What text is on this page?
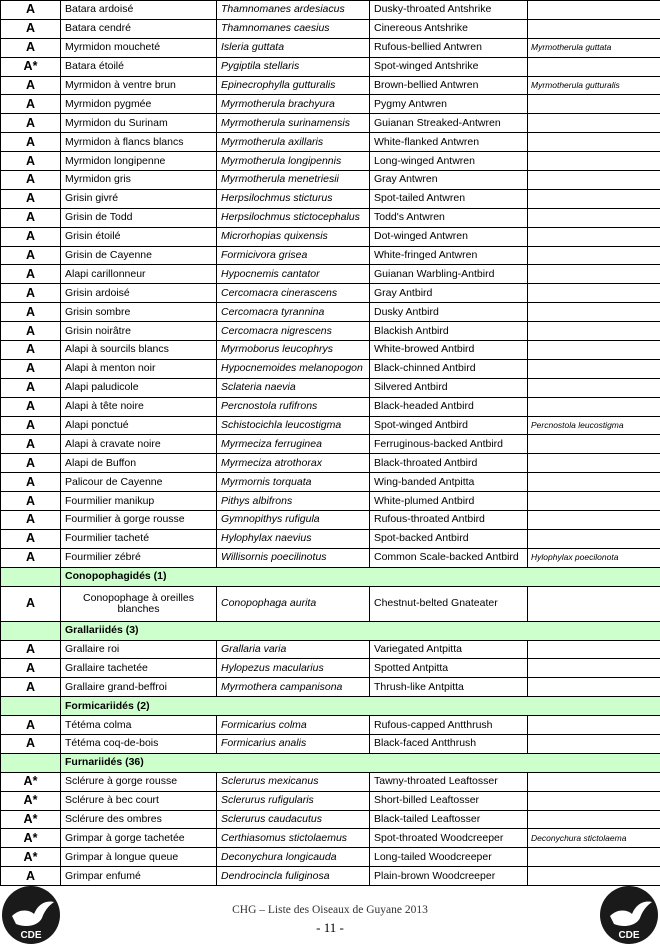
A	Batara ardoisé	Thamnomanes ardesiacus	Dusky-throated Antshrike	
A	Batara cendré	Thamnomanes caesius	Cinereous Antshrike	
A	Myrmidon moucheté	Isleria guttata	Rufous-bellied Antwren	Myrmotherula guttata
A*	Batara étoilé	Pygiptila stellaris	Spot-winged Antshrike	
A	Myrmidon à ventre brun	Epinecrophylla gutturalis	Brown-bellied Antwren	Myrmotherula gutturalis
A	Myrmidon pygmée	Myrmotherula brachyura	Pygmy Antwren	
A	Myrmidon du Surinam	Myrmotherula surinamensis	Guianan Streaked-Antwren	
A	Myrmidon à flancs blancs	Myrmotherula axillaris	White-flanked Antwren	
A	Myrmidon longipenne	Myrmotherula longipennis	Long-winged Antwren	
A	Myrmidon gris	Myrmotherula menetriesii	Gray Antwren	
A	Grisin givré	Herpsilochmus sticturus	Spot-tailed Antwren	
A	Grisin de Todd	Herpsilochmus stictocephalus	Todd's Antwren	
A	Grisin étoilé	Microrhopias quixensis	Dot-winged Antwren	
A	Grisin de Cayenne	Formicivora grisea	White-fringed Antwren	
A	Alapi carillonneur	Hypocnemis cantator	Guianan Warbling-Antbird	
A	Grisin ardoisé	Cercomacra cinerascens	Gray Antbird	
A	Grisin sombre	Cercomacra tyrannina	Dusky Antbird	
A	Grisin noirâtre	Cercomacra nigrescens	Blackish Antbird	
A	Alapi à sourcils blancs	Myrmoborus leucophrys	White-browed Antbird	
A	Alapi à menton noir	Hypocnemoides melanopogon	Black-chinned Antbird	
A	Alapi paludicole	Sclateria naevia	Silvered Antbird	
A	Alapi à tête noire	Percnostola rufifrons	Black-headed Antbird	
A	Alapi ponctué	Schistocichla leucostigma	Spot-winged Antbird	Percnostola leucostigma
A	Alapi à cravate noire	Myrmeciza ferruginea	Ferruginous-backed Antbird	
A	Alapi de Buffon	Myrmeciza atrothorax	Black-throated Antbird	
A	Palicour de Cayenne	Myrmornis torquata	Wing-banded Antpitta	
A	Fourmilier manikup	Pithys albifrons	White-plumed Antbird	
A	Fourmilier à gorge rousse	Gymnopithys rufigula	Rufous-throated Antbird	
A	Fourmilier tacheté	Hylophylax naevius	Spot-backed Antbird	
A	Fourmilier zébré	Willisornis poecilinotus	Common Scale-backed Antbird	Hylophylax poecilonota
	Conopophagidés (1)			
A	Conopophage à oreilles blanches	Conopophaga aurita	Chestnut-belted Gnateater	
	Grallariidés (3)			
A	Grallaire roi	Grallaria varia	Variegated Antpitta	
A	Grallaire tachetée	Hylopezus macularius	Spotted Antpitta	
A	Grallaire grand-beffroi	Myrmothera campanisona	Thrush-like Antpitta	
	Formicariidés (2)			
A	Tétéma colma	Formicarius colma	Rufous-capped Antthrush	
A	Tétéma coq-de-bois	Formicarius analis	Black-faced Antthrush	
	Furnariidés (36)			
A*	Sclérure à gorge rousse	Sclerurus mexicanus	Tawny-throated Leaftosser	
A*	Sclérure à bec court	Sclerurus rufigularis	Short-billed Leaftosser	
A*	Sclérure des ombres	Sclerurus caudacutus	Black-tailed Leaftosser	
A*	Grimpar à gorge tachetée	Certhiasomus stictolaemus	Spot-throated Woodcreeper	Deconychura stictolaema
A*	Grimpar à longue queue	Deconychura longicauda	Long-tailed Woodcreeper	
A	Grimpar enfumé	Dendrocincla fuliginosa	Plain-brown Woodcreeper	
CDE
CHG – Liste des Oiseaux de Guyane 2013
- 11 -
CDE
